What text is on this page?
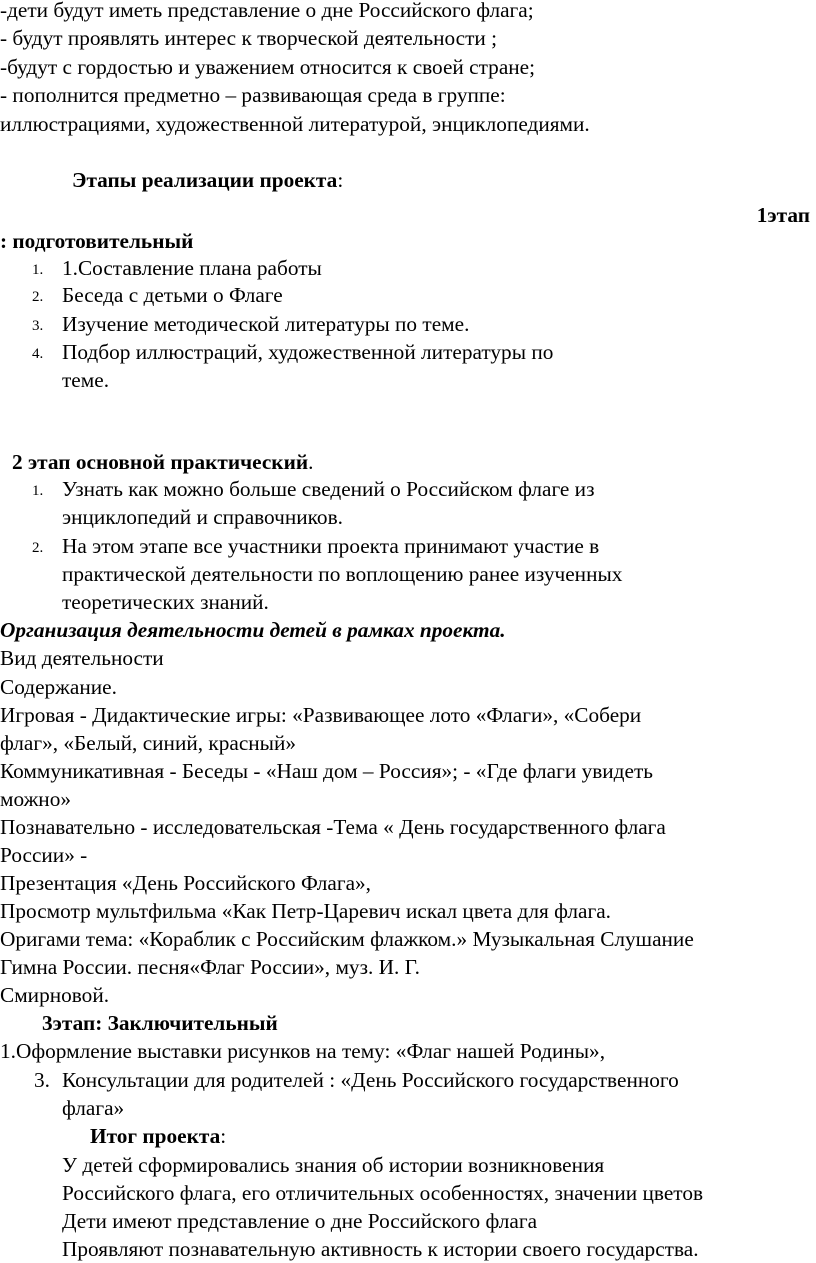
-дети будут иметь представление о дне Российского флага;
- будут проявлять интерес к творческой деятельности ;
-будут с гордостью и уважением относится к своей стране;
- пополнится предметно – развивающая среда в группе:
иллюстрациями, художественной литературой, энциклопедиями.
Этапы реализации проекта:
1этап
: подготовительный
1. 1.Составление плана работы
2. Беседа с детьми о Флаге
3. Изучение методической литературы по теме.
4. Подбор иллюстраций, художественной литературы по
теме.
2 этап основной практический.
1. Узнать как можно больше сведений о Российском флаге из
энциклопедий и справочников.
2. На этом этапе все участники проекта принимают участие в
практической деятельности по воплощению ранее изученных
теоретических знаний.
Организация деятельности детей в рамках проекта.
Вид деятельности
Содержание.
Игровая - Дидактические игры: «Развивающее лото «Флаги», «Собери
флаг», «Белый, синий, красный»
Коммуникативная - Беседы - «Наш дом – Россия»; - «Где флаги увидеть
можно»
Познавательно - исследовательская -Тема « День государственного флага
России» -
Презентация «День Российского Флага»,
Просмотр мультфильма «Как Петр-Царевич искал цвета для флага.
Оригами тема: «Кораблик с Российским флажком.» Музыкальная Слушание
Гимна России. песня«Флаг России», муз. И. Г.
Смирновой.
3этап: Заключительный
1.Оформление выставки рисунков на тему: «Флаг нашей Родины»,
3. Консультации для родителей : «День Российского государственного
флага»
Итог проекта:
У детей сформировались знания об истории возникновения
Российского флага, его отличительных особенностях, значении цветов
Дети имеют представление о дне Российского флага
Проявляют познавательную активность к истории своего государства.
